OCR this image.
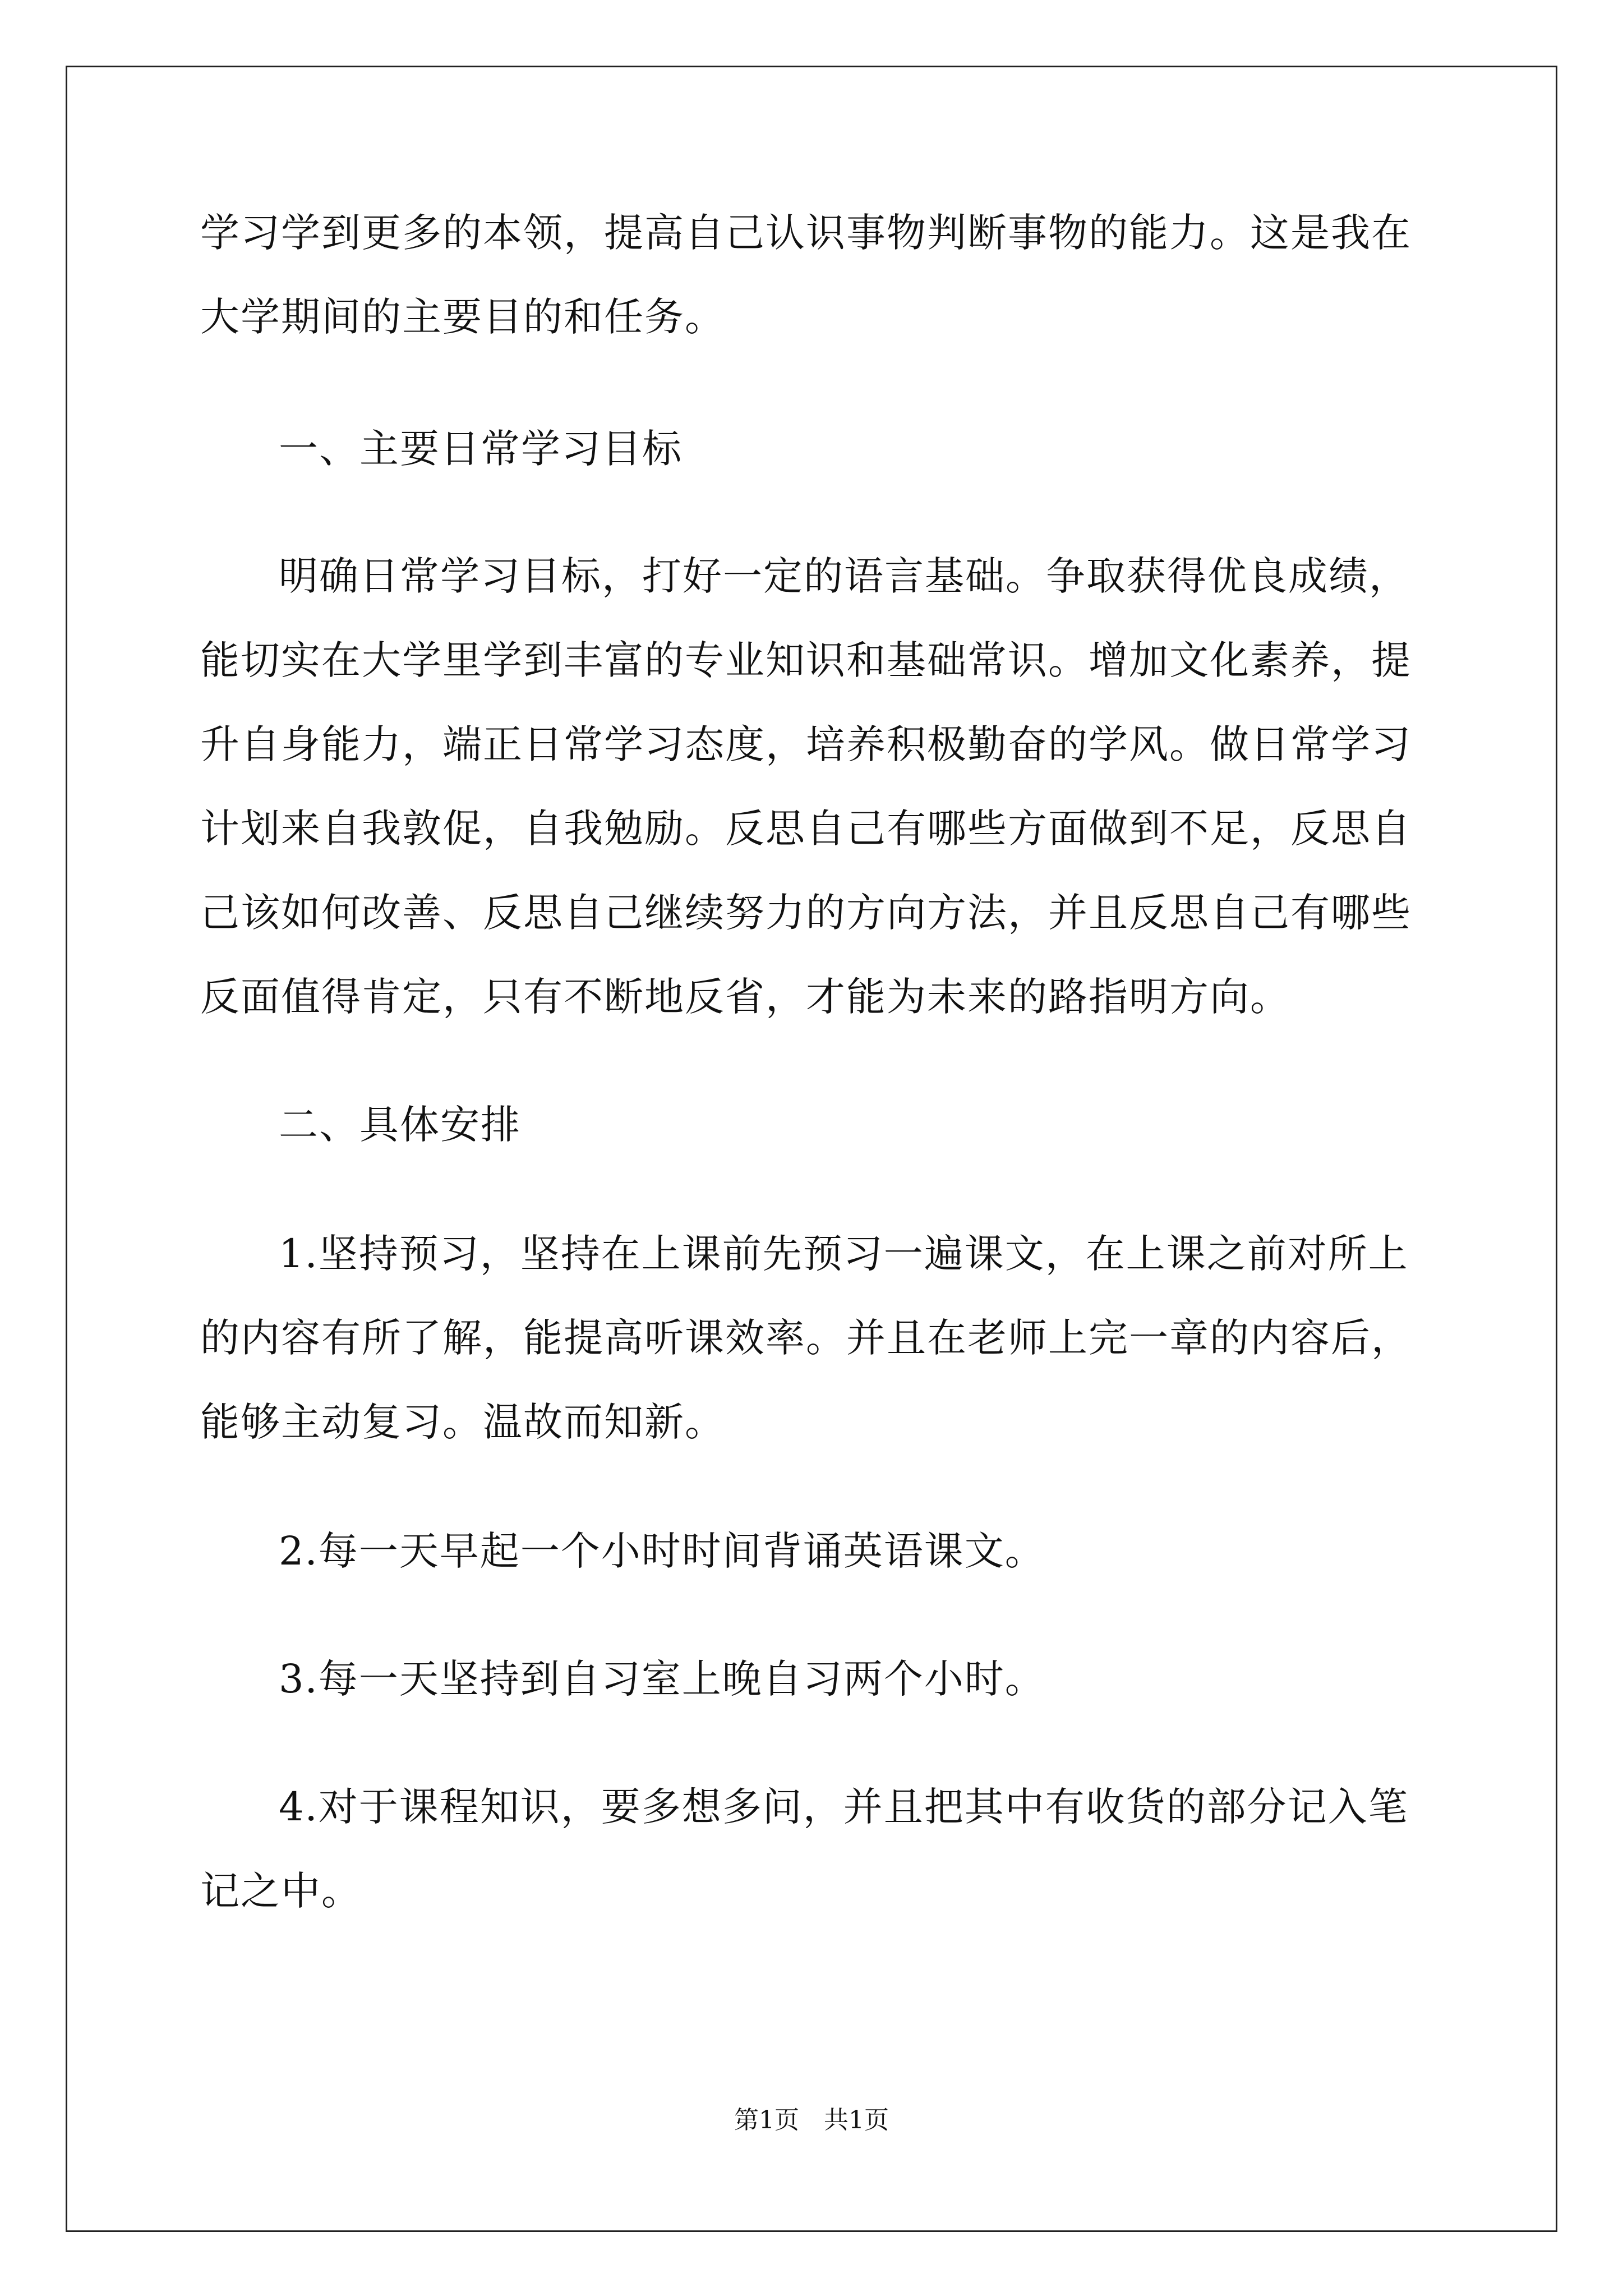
学习学到更多的本领，提高自己认识事物判断事物的能力。这是我在
大学期间的主要目的和任务。
一、主要日常学习目标
明确日常学习目标，打好一定的语言基础。争取获得优良成绩，
能切实在大学里学到丰富的专业知识和基础常识。增加文化素养，提
升自身能力，端正日常学习态度，培养积极勤奋的学风。做日常学习
计划来自我敦促，自我勉励。反思自己有哪些方面做到不足，反思自
己该如何改善、反思自己继续努力的方向方法，并且反思自己有哪些
反面值得肯定，只有不断地反省，才能为未来的路指明方向。
二、具体安排
1.坚持预习，坚持在上课前先预习一遍课文，在上课之前对所上
的内容有所了解，能提高听课效率。并且在老师上完一章的内容后，
能够主动复习。温故而知新。
2.每一天早起一个小时时间背诵英语课文。
3.每一天坚持到自习室上晚自习两个小时。
4.对于课程知识，要多想多问，并且把其中有收货的部分记入笔
记之中。
第1页　共1页
